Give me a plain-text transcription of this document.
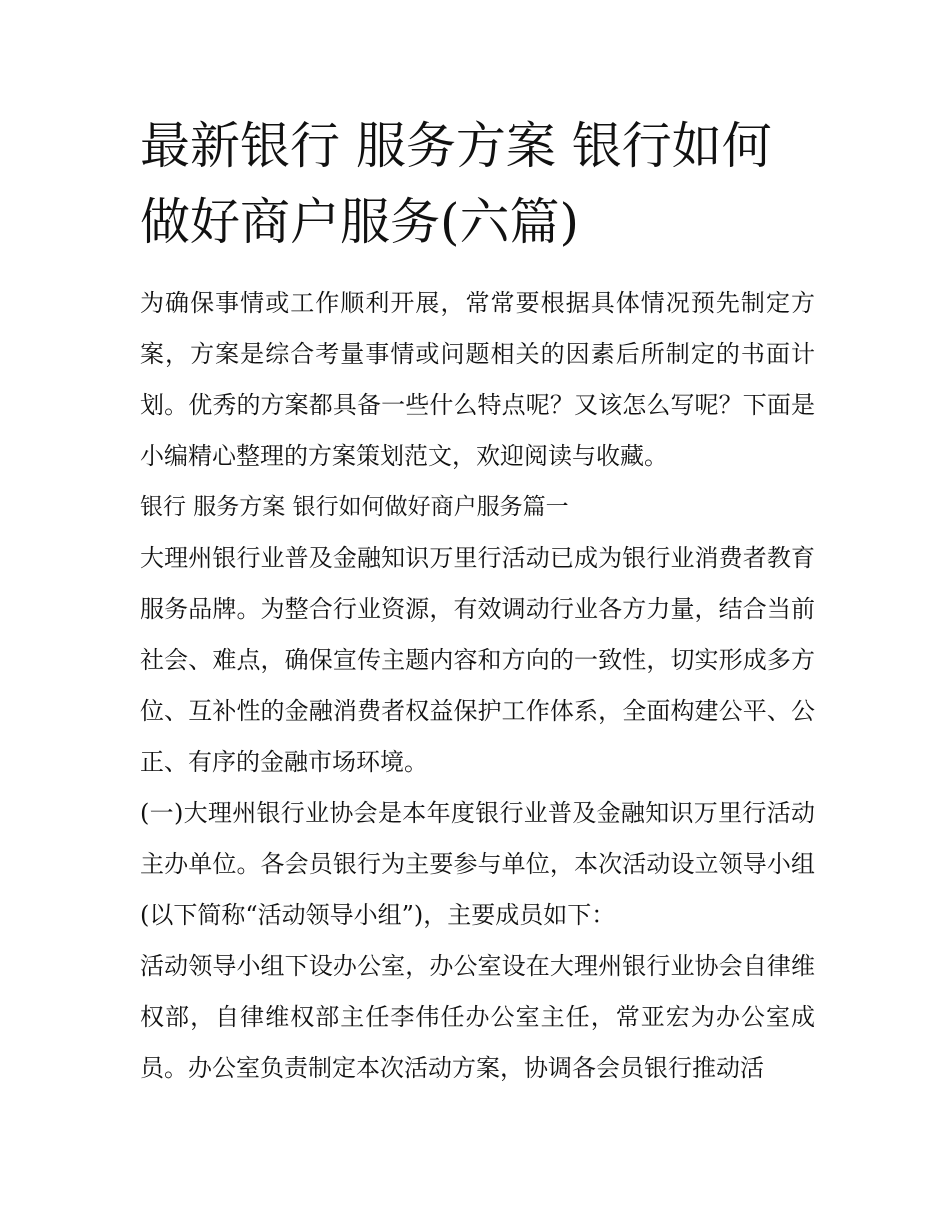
最新银行 服务方案 银行如何做好商户服务(六篇)

为确保事情或工作顺利开展，常常要根据具体情况预先制定方案，方案是综合考量事情或问题相关的因素后所制定的书面计划。优秀的方案都具备一些什么特点呢？又该怎么写呢？下面是小编精心整理的方案策划范文，欢迎阅读与收藏。

银行 服务方案 银行如何做好商户服务篇一

大理州银行业普及金融知识万里行活动已成为银行业消费者教育服务品牌。为整合行业资源，有效调动行业各方力量，结合当前社会、难点，确保宣传主题内容和方向的一致性，切实形成多方位、互补性的金融消费者权益保护工作体系，全面构建公平、公正、有序的金融市场环境。

(一)大理州银行业协会是本年度银行业普及金融知识万里行活动主办单位。各会员银行为主要参与单位，本次活动设立领导小组(以下简称“活动领导小组”)，主要成员如下：

活动领导小组下设办公室，办公室设在大理州银行业协会自律维权部，自律维权部主任李伟任办公室主任，常亚宏为办公室成员。办公室负责制定本次活动方案，协调各会员银行推动活
